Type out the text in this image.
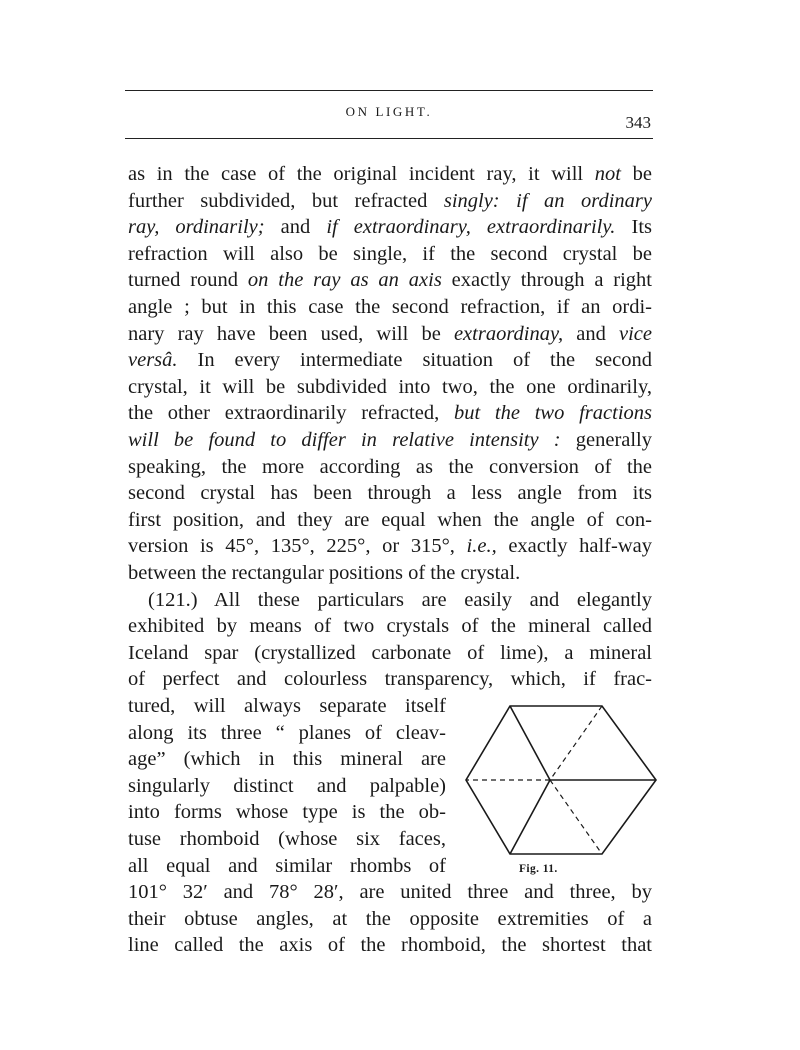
ON LIGHT.
343
as in the case of the original incident ray, it will not be
further subdivided, but refracted singly: if an ordinary
ray, ordinarily; and if extraordinary, extraordinarily. Its
refraction will also be single, if the second crystal be
turned round on the ray as an axis exactly through a right
angle ; but in this case the second refraction, if an ordi-
nary ray have been used, will be extraordinay, and vice
versâ. In every intermediate situation of the second
crystal, it will be subdivided into two, the one ordinarily,
the other extraordinarily refracted, but the two fractions
will be found to differ in relative intensity : generally
speaking, the more according as the conversion of the
second crystal has been through a less angle from its
first position, and they are equal when the angle of con-
version is 45°, 135°, 225°, or 315°, i.e., exactly half-way
between the rectangular positions of the crystal.
(121.) All these particulars are easily and elegantly
exhibited by means of two crystals of the mineral called
Iceland spar (crystallized carbonate of lime), a mineral
of perfect and colourless transparency, which, if frac-
tured, will always separate itself
along its three “ planes of cleav-
age” (which in this mineral are
singularly distinct and palpable)
into forms whose type is the ob-
tuse rhomboid (whose six faces,
all equal and similar rhombs of
101° 32′ and 78° 28′, are united three and three, by
their obtuse angles, at the opposite extremities of a
line called the axis of the rhomboid, the shortest that
Fig. 11.
